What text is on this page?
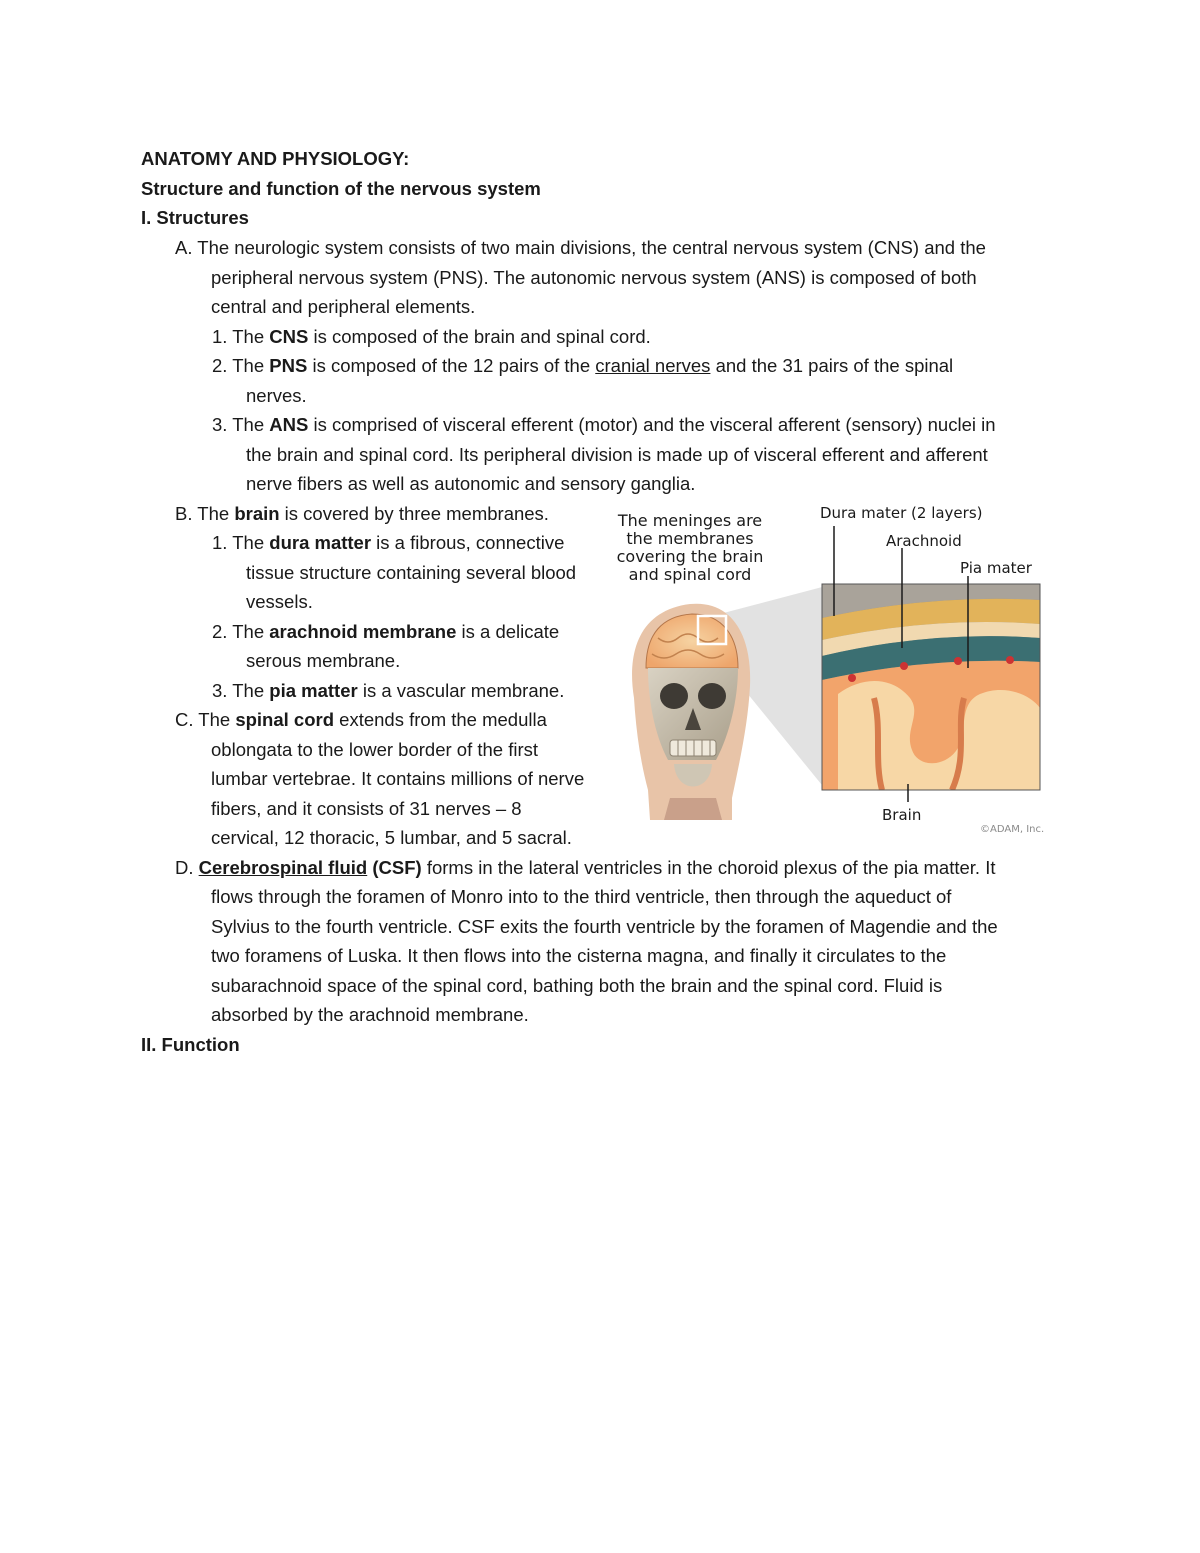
ANATOMY AND PHYSIOLOGY:
Structure and function of the nervous system
I. Structures
A. The neurologic system consists of two main divisions, the central nervous system (CNS) and the
peripheral nervous system (PNS). The autonomic nervous system (ANS) is composed of both
central and peripheral elements.
1. The CNS is composed of the brain and spinal cord.
2. The PNS is composed of the 12 pairs of the cranial nerves and the 31 pairs of the spinal
nerves.
3. The ANS is comprised of visceral efferent (motor) and the visceral afferent (sensory) nuclei in
the brain and spinal cord. Its peripheral division is made up of visceral efferent and afferent
nerve fibers as well as autonomic and sensory ganglia.
B. The brain is covered by three membranes.
1. The dura matter is a fibrous, connective
tissue structure containing several blood
vessels.
2. The arachnoid membrane is a delicate
serous membrane.
3. The pia matter is a vascular membrane.
C. The spinal cord extends from the medulla
oblongata to the lower border of the first
lumbar vertebrae. It contains millions of nerve
fibers, and it consists of 31 nerves – 8
cervical, 12 thoracic, 5 lumbar, and 5 sacral.
D. Cerebrospinal fluid (CSF) forms in the lateral ventricles in the choroid plexus of the pia matter. It
flows through the foramen of Monro into to the third ventricle, then through the aqueduct of
Sylvius to the fourth ventricle. CSF exits the fourth ventricle by the foramen of Magendie and the
two foramens of Luska. It then flows into the cisterna magna, and finally it circulates to the
subarachnoid space of the spinal cord, bathing both the brain and the spinal cord. Fluid is
absorbed by the arachnoid membrane.
II. Function
The meninges are
the membranes
covering the brain
and spinal cord
Dura mater (2 layers)
Arachnoid
Pia mater
Brain
©ADAM, Inc.
